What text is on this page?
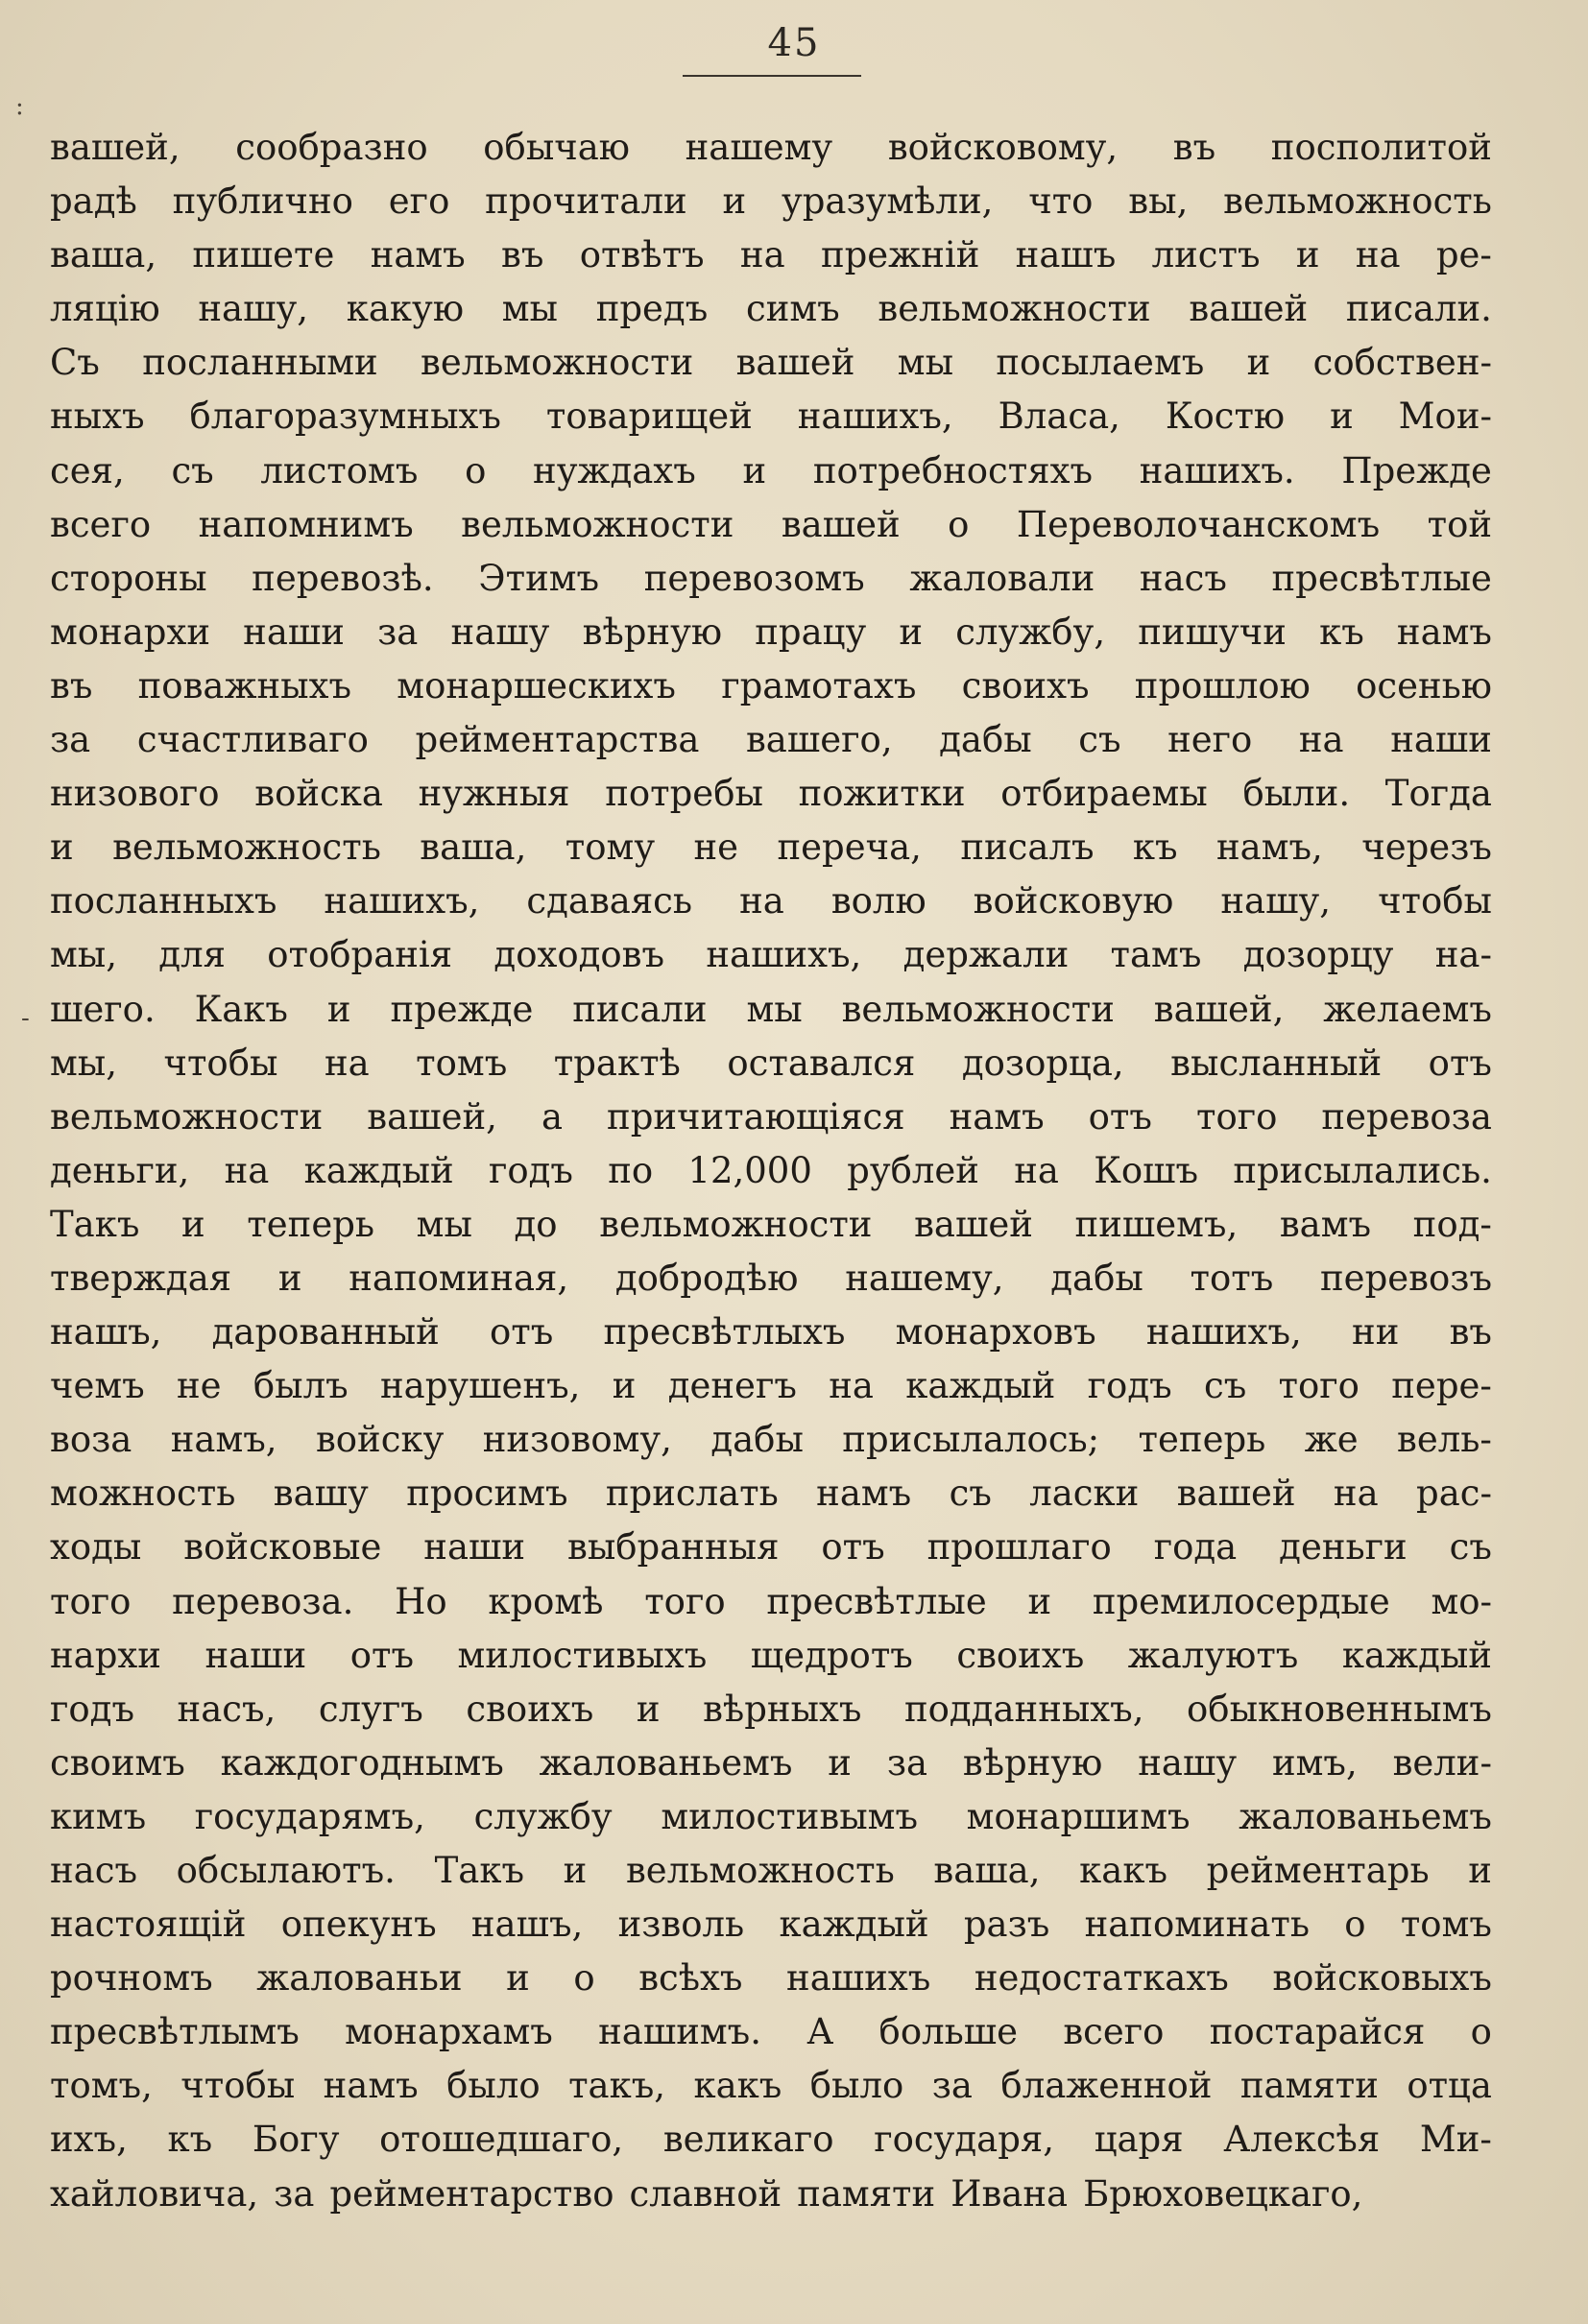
45
:
-
вашей, сообразно обычаю нашему войсковому, въ посполитой
радѣ публично его прочитали и уразумѣли, что вы, вельможность
ваша, пишете намъ въ отвѣтъ на прежній нашъ листъ и на ре-
ляцію нашу, какую мы предъ симъ вельможности вашей писали.
Съ посланными вельможности вашей мы посылаемъ и собствен-
ныхъ благоразумныхъ товарищей нашихъ, Власа, Костю и Мои-
сея, съ листомъ о нуждахъ и потребностяхъ нашихъ. Прежде
всего напомнимъ вельможности вашей о Переволочанскомъ той
стороны перевозѣ. Этимъ перевозомъ жаловали насъ пресвѣтлые
монархи наши за нашу вѣрную працу и службу, пишучи къ намъ
въ поважныхъ монаршескихъ грамотахъ своихъ прошлою осенью
за счастливаго рейментарства вашего, дабы съ него на наши
низового войска нужныя потребы пожитки отбираемы были. Тогда
и вельможность ваша, тому не переча, писалъ къ намъ, черезъ
посланныхъ нашихъ, сдаваясь на волю войсковую нашу, чтобы
мы, для отобранія доходовъ нашихъ, держали тамъ дозорцу на-
шего. Какъ и прежде писали мы вельможности вашей, желаемъ
мы, чтобы на томъ трактѣ оставался дозорца, высланный отъ
вельможности вашей, а причитающіяся намъ отъ того перевоза
деньги, на каждый годъ по 12,000 рублей на Кошъ присылались.
Такъ и теперь мы до вельможности вашей пишемъ, вамъ под-
тверждая и напоминая, добродѣю нашему, дабы тотъ перевозъ
нашъ, дарованный отъ пресвѣтлыхъ монарховъ нашихъ, ни въ
чемъ не былъ нарушенъ, и денегъ на каждый годъ съ того пере-
воза намъ, войску низовому, дабы присылалось; теперь же вель-
можность вашу просимъ прислать намъ съ ласки вашей на рас-
ходы войсковые наши выбранныя отъ прошлаго года деньги съ
того перевоза. Но кромѣ того пресвѣтлые и премилосердые мо-
нархи наши отъ милостивыхъ щедротъ своихъ жалуютъ каждый
годъ насъ, слугъ своихъ и вѣрныхъ подданныхъ, обыкновеннымъ
своимъ каждогоднымъ жалованьемъ и за вѣрную нашу имъ, вели-
кимъ государямъ, службу милостивымъ монаршимъ жалованьемъ
насъ обсылаютъ. Такъ и вельможность ваша, какъ рейментарь и
настоящій опекунъ нашъ, изволь каждый разъ напоминать о томъ
рочномъ жалованьи и о всѣхъ нашихъ недостаткахъ войсковыхъ
пресвѣтлымъ монархамъ нашимъ. А больше всего постарайся о
томъ, чтобы намъ было такъ, какъ было за блаженной памяти отца
ихъ, къ Богу отошедшаго, великаго государя, царя Алексѣя Ми-
хайловича, за рейментарство славной памяти Ивана Брюховецкаго,
